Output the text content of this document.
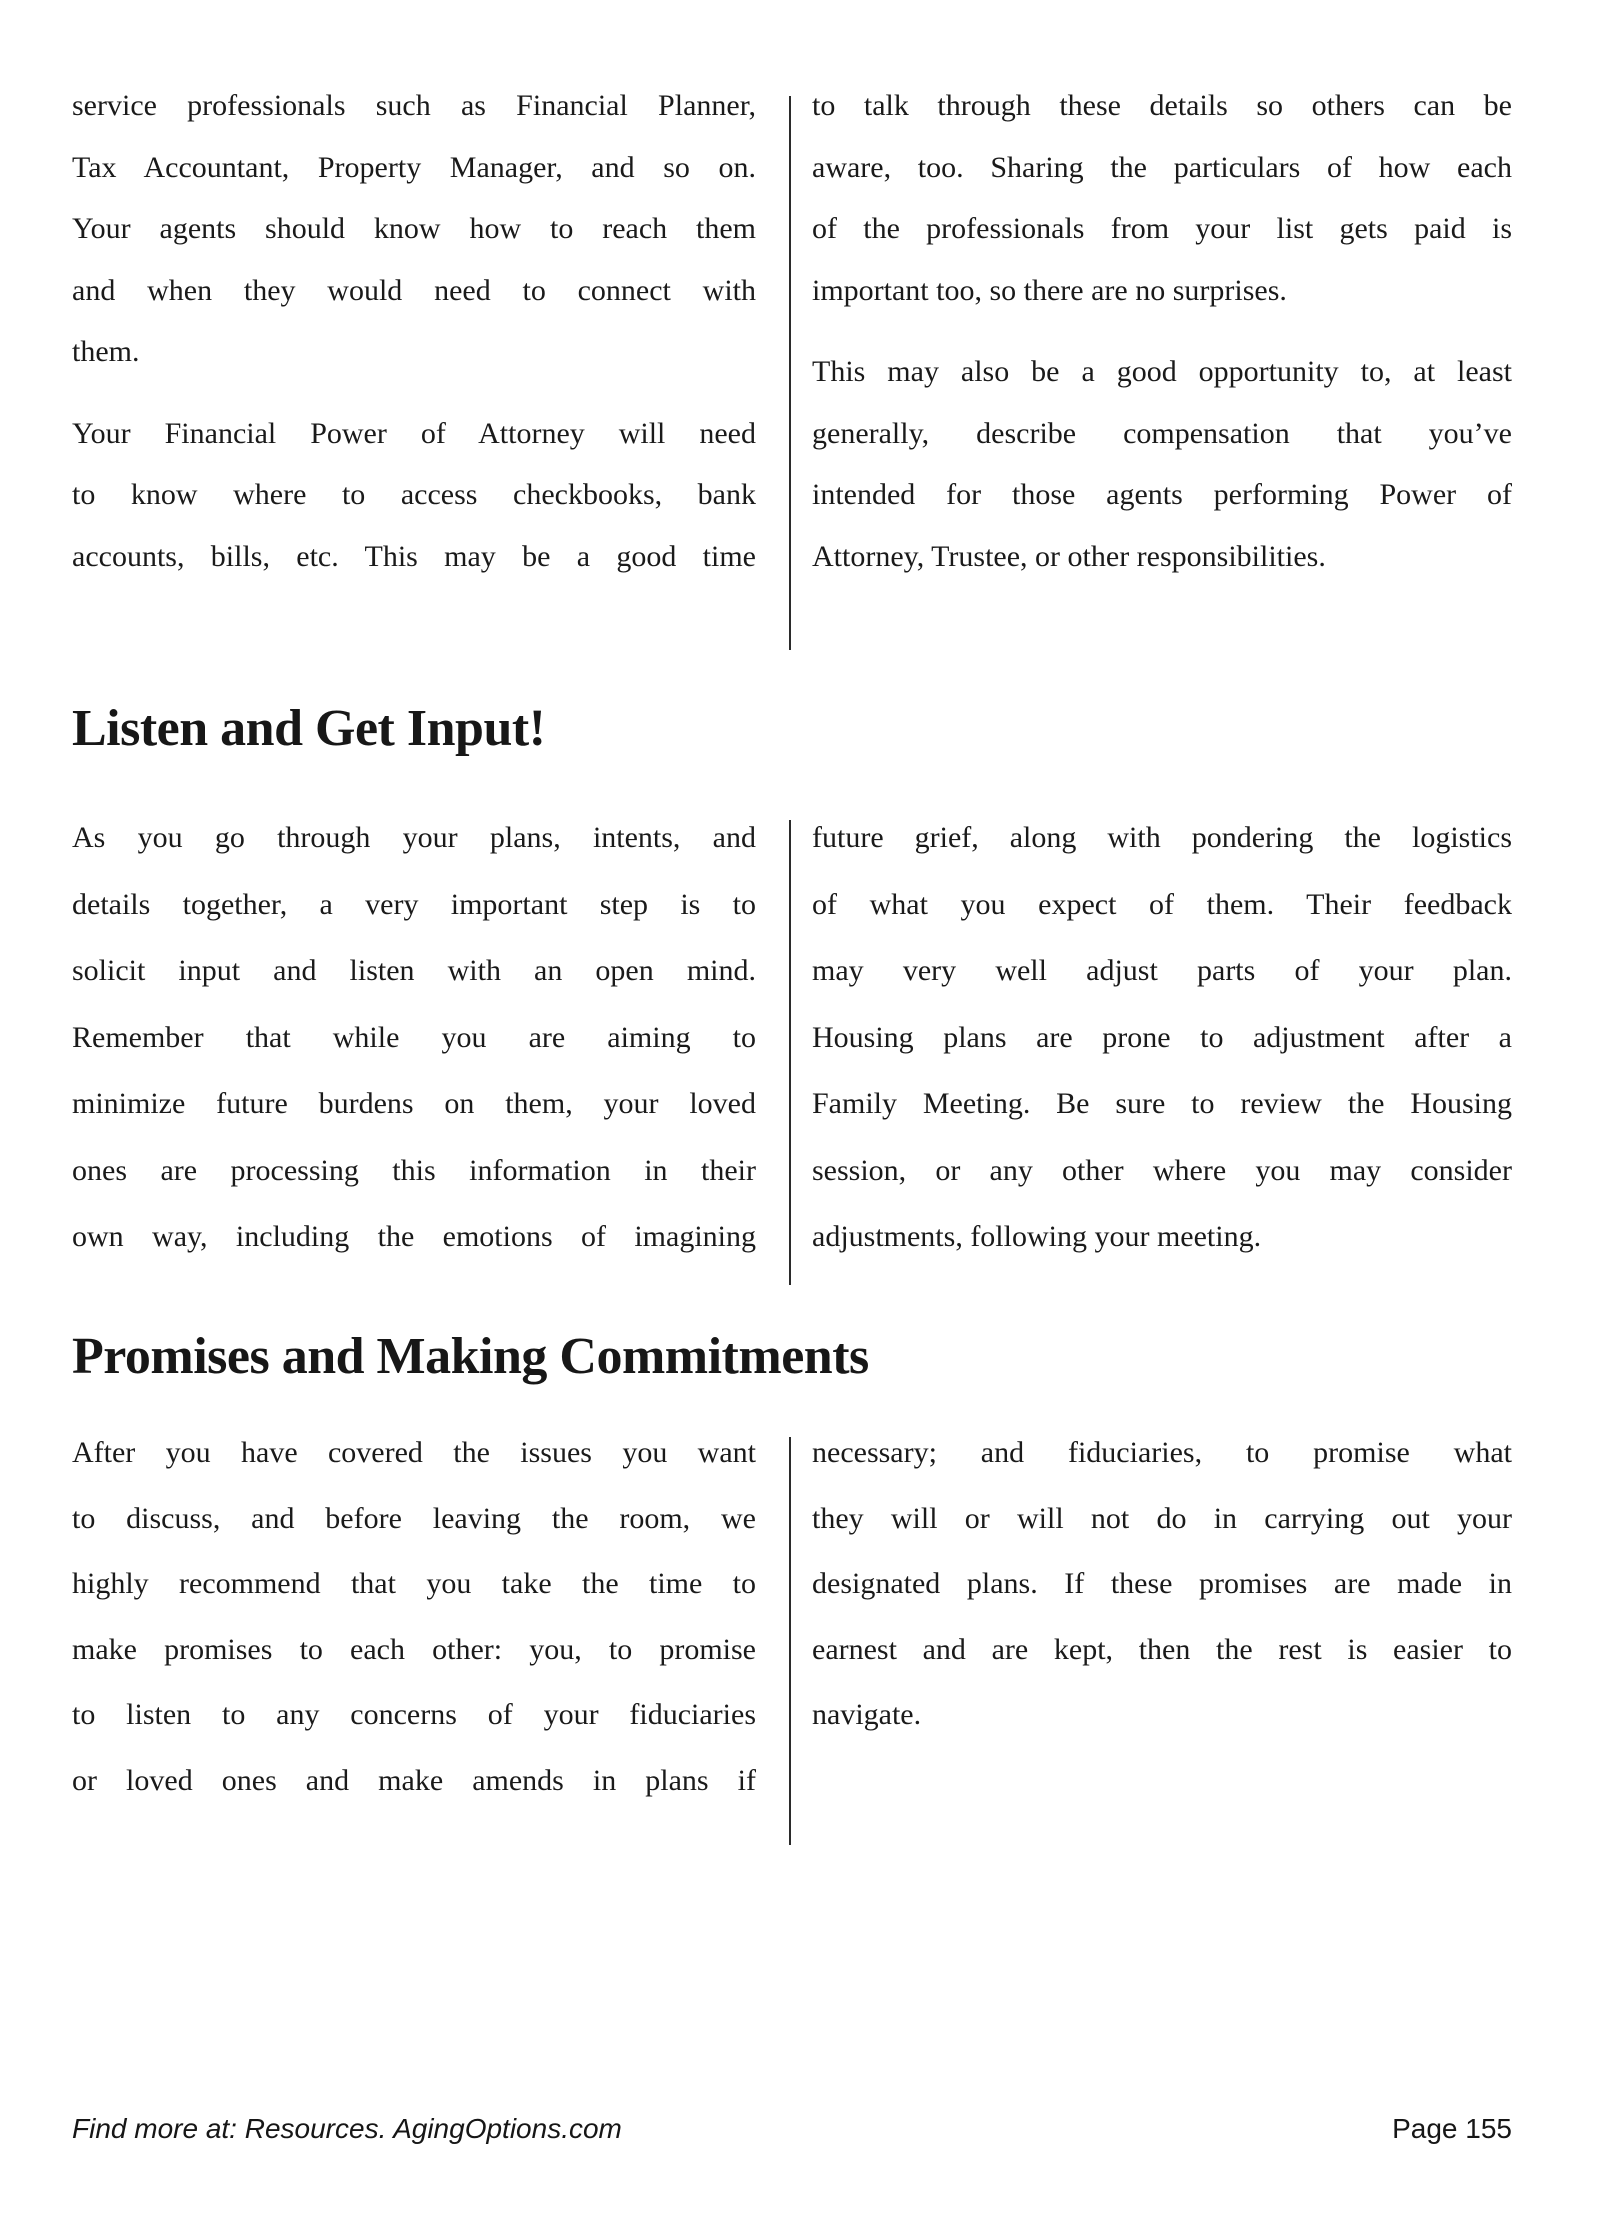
service professionals such as Financial Planner,
Tax Accountant, Property Manager, and so on.
Your agents should know how to reach them
and when they would need to connect with
them.
Your Financial Power of Attorney will need
to know where to access checkbooks, bank
accounts, bills, etc. This may be a good time
to talk through these details so others can be
aware, too. Sharing the particulars of how each
of the professionals from your list gets paid is
important too, so there are no surprises.
This may also be a good opportunity to, at least
generally, describe compensation that you’ve
intended for those agents performing Power of
Attorney, Trustee, or other responsibilities.
Listen and Get Input!
As you go through your plans, intents, and
details together, a very important step is to
solicit input and listen with an open mind.
Remember that while you are aiming to
minimize future burdens on them, your loved
ones are processing this information in their
own way, including the emotions of imagining
future grief, along with pondering the logistics
of what you expect of them. Their feedback
may very well adjust parts of your plan.
Housing plans are prone to adjustment after a
Family Meeting. Be sure to review the Housing
session, or any other where you may consider
adjustments, following your meeting.
Promises and Making Commitments
After you have covered the issues you want
to discuss, and before leaving the room, we
highly recommend that you take the time to
make promises to each other: you, to promise
to listen to any concerns of your fiduciaries
or loved ones and make amends in plans if
necessary; and fiduciaries, to promise what
they will or will not do in carrying out your
designated plans. If these promises are made in
earnest and are kept, then the rest is easier to
navigate.
Find more at: Resources. AgingOptions.com	Page 155
